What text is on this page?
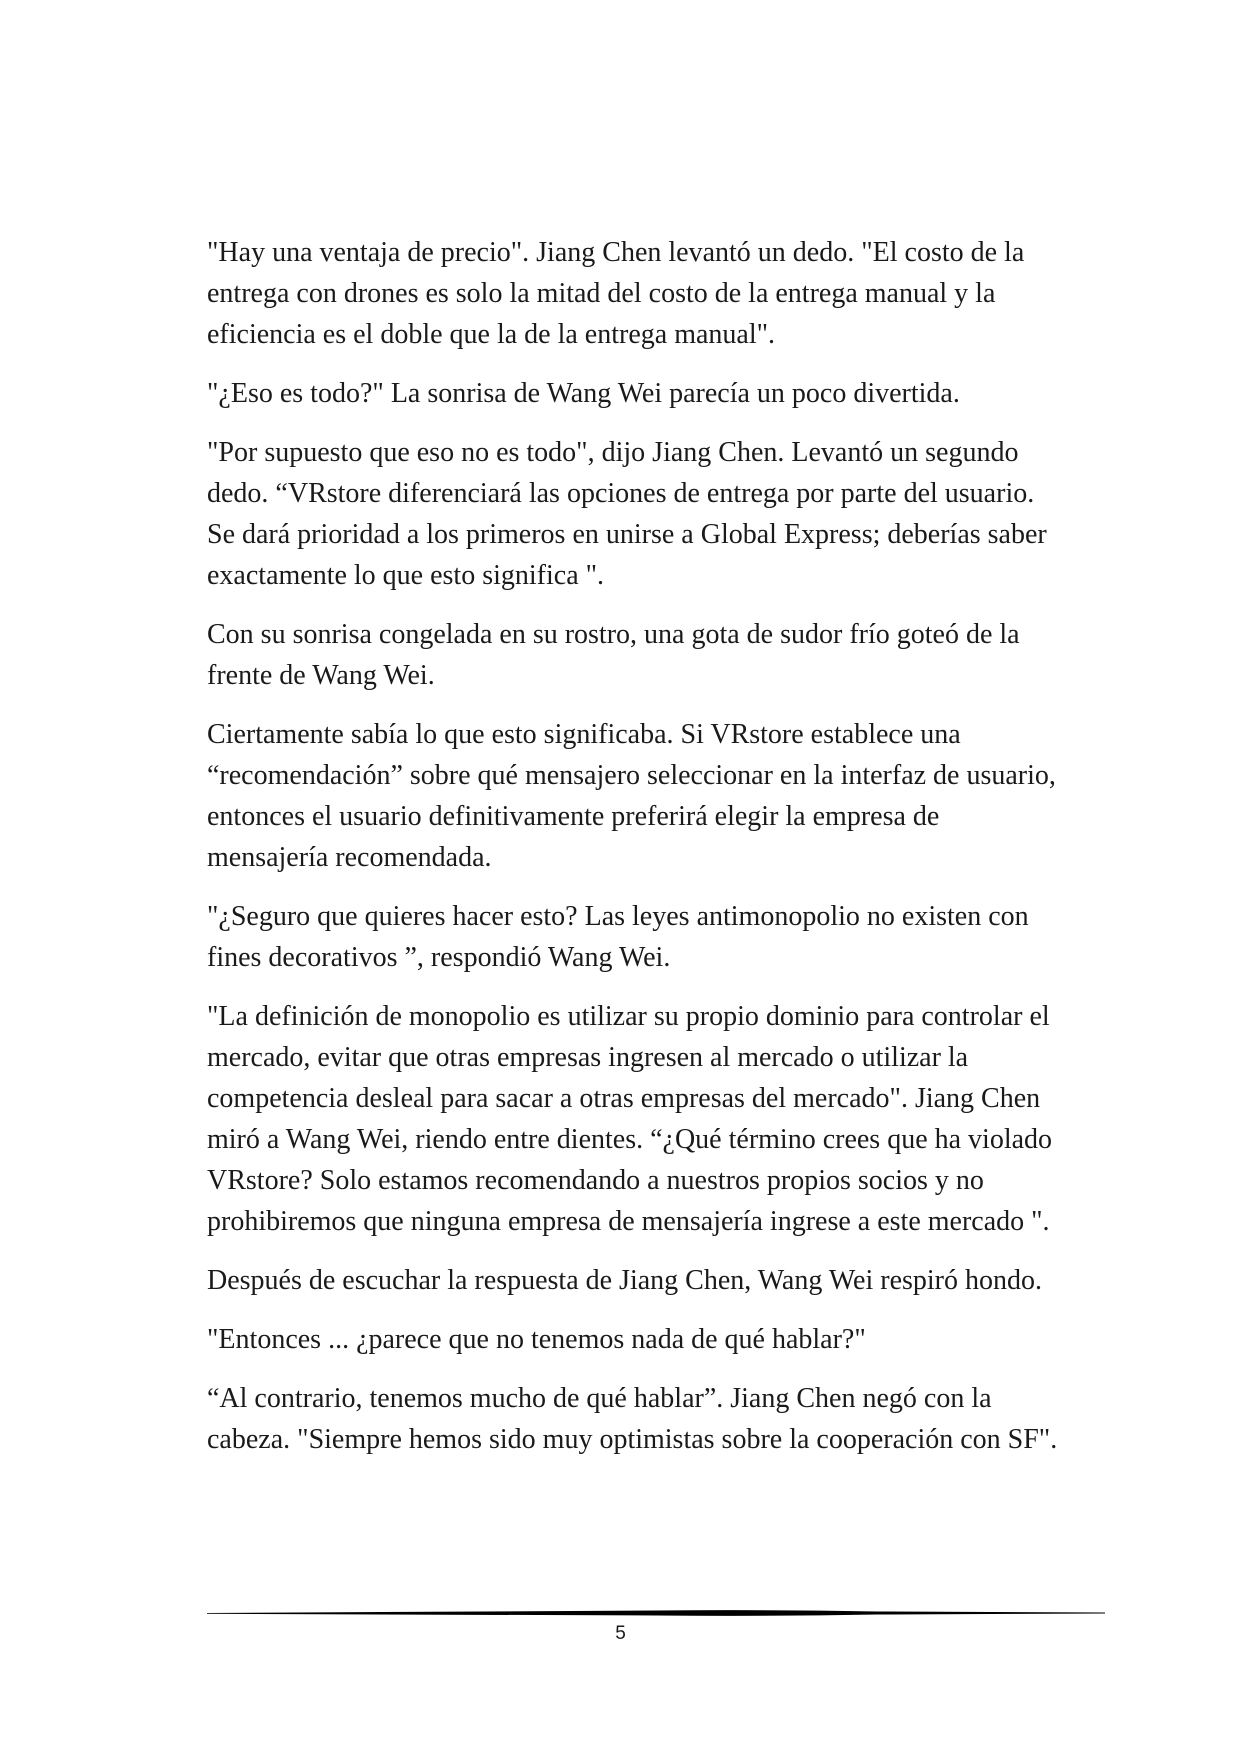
"Hay una ventaja de precio". Jiang Chen levantó un dedo. "El costo de la entrega con drones es solo la mitad del costo de la entrega manual y la eficiencia es el doble que la de la entrega manual".

"¿Eso es todo?" La sonrisa de Wang Wei parecía un poco divertida.

"Por supuesto que eso no es todo", dijo Jiang Chen. Levantó un segundo dedo. “VRstore diferenciará las opciones de entrega por parte del usuario. Se dará prioridad a los primeros en unirse a Global Express; deberías saber exactamente lo que esto significa ".

Con su sonrisa congelada en su rostro, una gota de sudor frío goteó de la frente de Wang Wei.

Ciertamente sabía lo que esto significaba. Si VRstore establece una “recomendación” sobre qué mensajero seleccionar en la interfaz de usuario, entonces el usuario definitivamente preferirá elegir la empresa de mensajería recomendada.

"¿Seguro que quieres hacer esto? Las leyes antimonopolio no existen con fines decorativos ”, respondió Wang Wei.

"La definición de monopolio es utilizar su propio dominio para controlar el mercado, evitar que otras empresas ingresen al mercado o utilizar la competencia desleal para sacar a otras empresas del mercado". Jiang Chen miró a Wang Wei, riendo entre dientes. “¿Qué término crees que ha violado VRstore? Solo estamos recomendando a nuestros propios socios y no prohibiremos que ninguna empresa de mensajería ingrese a este mercado ".

Después de escuchar la respuesta de Jiang Chen, Wang Wei respiró hondo.

"Entonces ... ¿parece que no tenemos nada de qué hablar?"

“Al contrario, tenemos mucho de qué hablar”. Jiang Chen negó con la cabeza. "Siempre hemos sido muy optimistas sobre la cooperación con SF".

5
